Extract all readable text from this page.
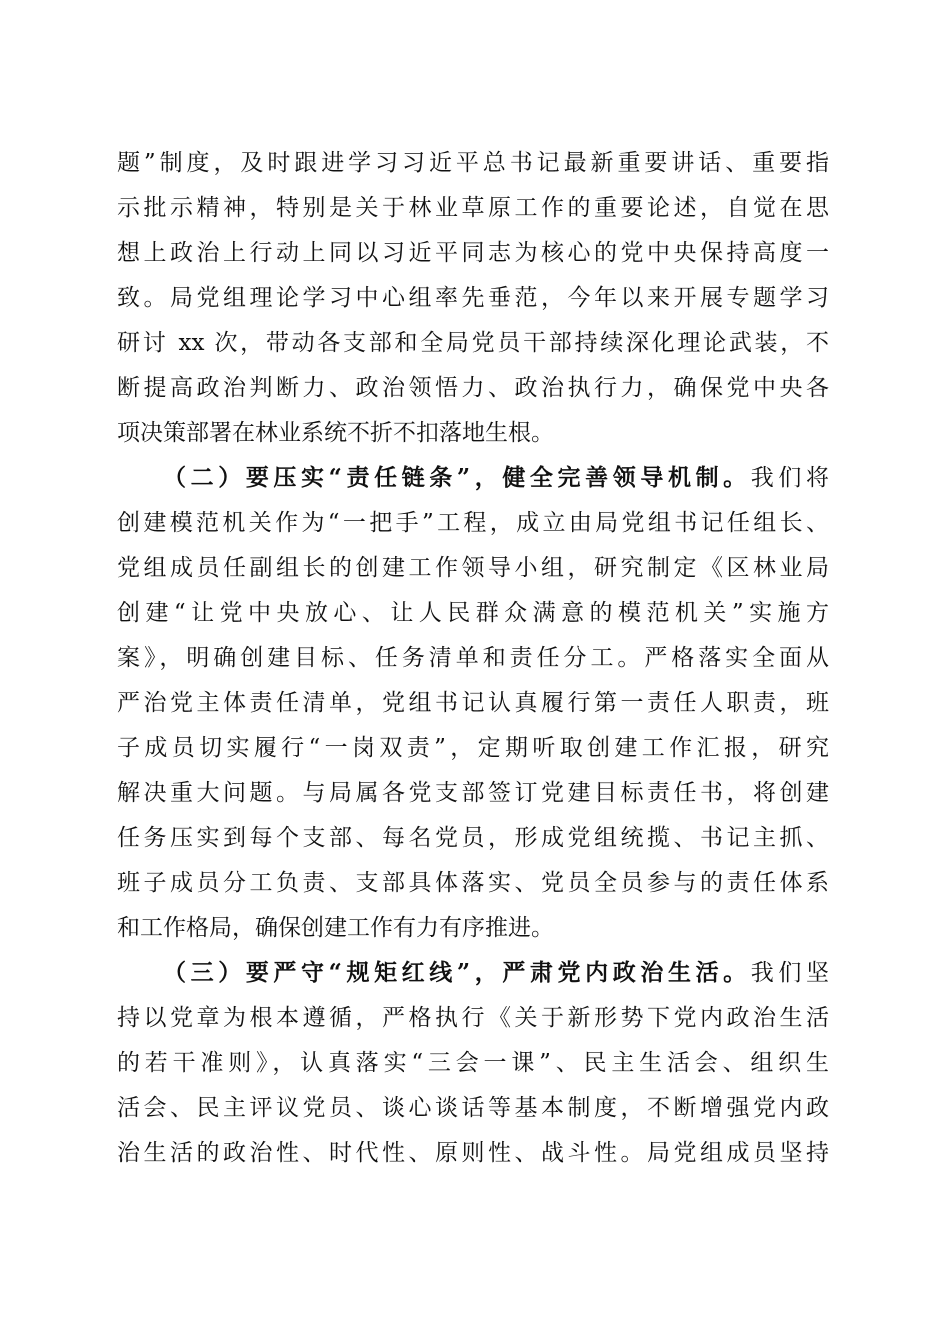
题”制度，及时跟进学习习近平总书记最新重要讲话、重要指
示批示精神，特别是关于林业草原工作的重要论述，自觉在思
想上政治上行动上同以习近平同志为核心的党中央保持高度一
致。局党组理论学习中心组率先垂范，今年以来开展专题学习
研讨 xx 次，带动各支部和全局党员干部持续深化理论武装，不
断提高政治判断力、政治领悟力、政治执行力，确保党中央各
项决策部署在林业系统不折不扣落地生根。
（二）要压实“责任链条”，健全完善领导机制。我们将
创建模范机关作为“一把手”工程，成立由局党组书记任组长、
党组成员任副组长的创建工作领导小组，研究制定《区林业局
创建“让党中央放心、让人民群众满意的模范机关”实施方
案》，明确创建目标、任务清单和责任分工。严格落实全面从
严治党主体责任清单，党组书记认真履行第一责任人职责，班
子成员切实履行“一岗双责”，定期听取创建工作汇报，研究
解决重大问题。与局属各党支部签订党建目标责任书，将创建
任务压实到每个支部、每名党员，形成党组统揽、书记主抓、
班子成员分工负责、支部具体落实、党员全员参与的责任体系
和工作格局，确保创建工作有力有序推进。
（三）要严守“规矩红线”，严肃党内政治生活。我们坚
持以党章为根本遵循，严格执行《关于新形势下党内政治生活
的若干准则》，认真落实“三会一课”、民主生活会、组织生
活会、民主评议党员、谈心谈话等基本制度，不断增强党内政
治生活的政治性、时代性、原则性、战斗性。局党组成员坚持
